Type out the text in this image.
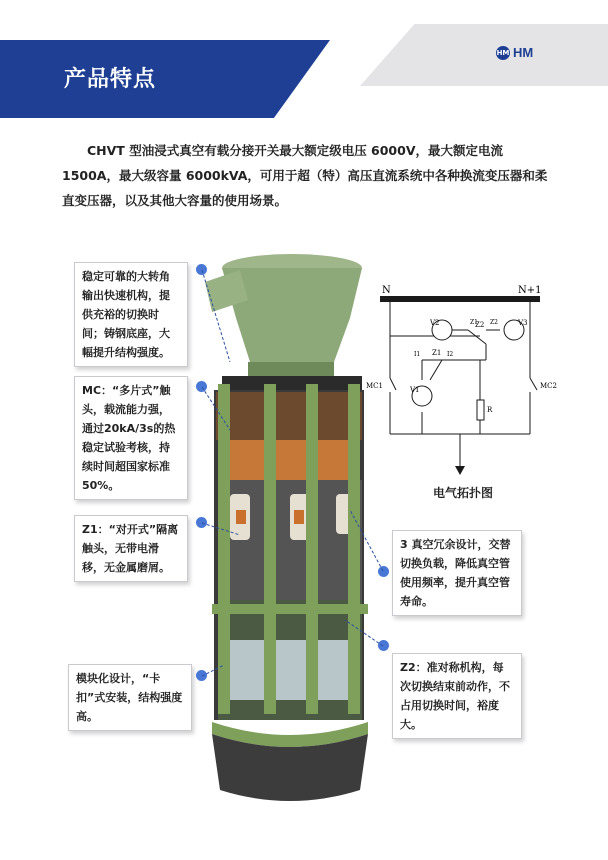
产品特点
HM HM

CHVT 型油浸式真空有载分接开关最大额定级电压 6000V，最大额定电流 1500A，最大级容量 6000kVA，可用于超（特）高压直流系统中各种换流变压器和柔直变压器，以及其他大容量的使用场景。

稳定可靠的大转角输出快速机构，提供充裕的切换时间；铸钢底座，大幅提升结构强度。
MC：“多片式”触头，载流能力强，通过20kA/3s的热稳定试验考核，持续时间超国家标准 50%。
Z1：“对开式”隔离触头，无带电滑移，无金属磨屑。
模块化设计，“卡扣”式安装，结构强度高。
3 真空冗余设计，交替切换负载，降低真空管使用频率，提升真空管寿命。
Z2：准对称机构，每次切换结束前动作，不占用切换时间，裕度大。
N	N+1
V2	V3
V1
Z2
Z1 Z2
Z1
I1	I2
R
MC1	MC2
电气拓扑图
